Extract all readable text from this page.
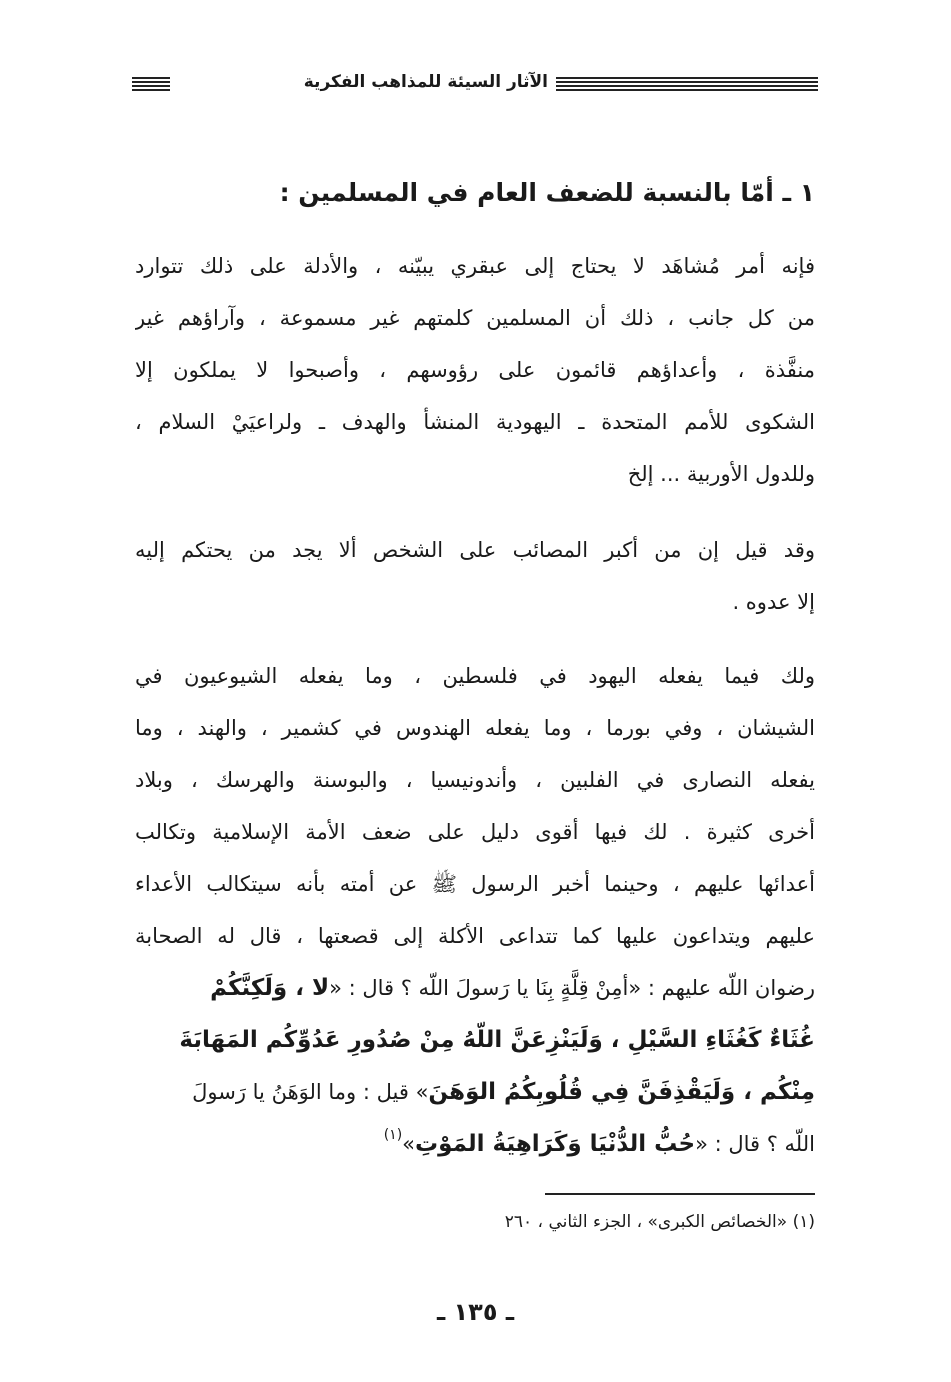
الآثار السيئة للمذاهب الفكرية
١ ـ أمّا بالنسبة للضعف العام في المسلمين :
فإنه أمر مُشاهَد لا يحتاج إلى عبقري يبيّنه ، والأدلة على ذلك تتوارد
من كل جانب ، ذلك أن المسلمين كلمتهم غير مسموعة ، وآراؤهم غير
منفَّذة ، وأعداؤهم قائمون على رؤوسهم ، وأصبحوا لا يملكون إلا
الشكوى للأمم المتحدة ـ اليهودية المنشأ والهدف ـ ولراعيَيْ السلام ،
وللدول الأوربية ... إلخ
وقد قيل إن من أكبر المصائب على الشخص ألا يجد من يحتكم إليه
إلا عدوه .
ولك فيما يفعله اليهود في فلسطين ، وما يفعله الشيوعيون في
الشيشان ، وفي بورما ، وما يفعله الهندوس في كشمير ، والهند ، وما
يفعله النصارى في الفلبين ، وأندونيسيا ، والبوسنة والهرسك ، وبلاد
أخرى كثيرة . لك فيها أقوى دليل على ضعف الأمة الإسلامية وتكالب
أعدائها عليهم ، وحينما أخبر الرسول ﷺ عن أمته بأنه سيتكالب الأعداء
عليهم ويتداعون عليها كما تتداعى الأكلة إلى قصعتها ، قال له الصحابة
رضوان اللّه عليهم : «أمِنْ قِلَّةٍ بِنَا يا رَسولَ اللّه ؟ قال : «لا ، وَلَكِنَّكُمْ
غُثَاءٌ كَغُثَاءِ السَّيْلِ ، وَلَيَنْزِعَنَّ اللّهُ مِنْ صُدُورِ عَدُوِّكُم المَهَابَةَ
مِنْكُم ، وَلَيَقْذِفَنَّ فِي قُلُوبِكُمُ الوَهَنَ» قيل : وما الوَهَنُ يا رَسولَ
اللّه ؟ قال : «حُبُّ الدُّنْيَا وَكَرَاهِيَةُ المَوْتِ»$^{(١)}$
(١) «الخصائص الكبرى» ، الجزء الثاني ، ٢٦٠
ـ ١٣٥ ـ
